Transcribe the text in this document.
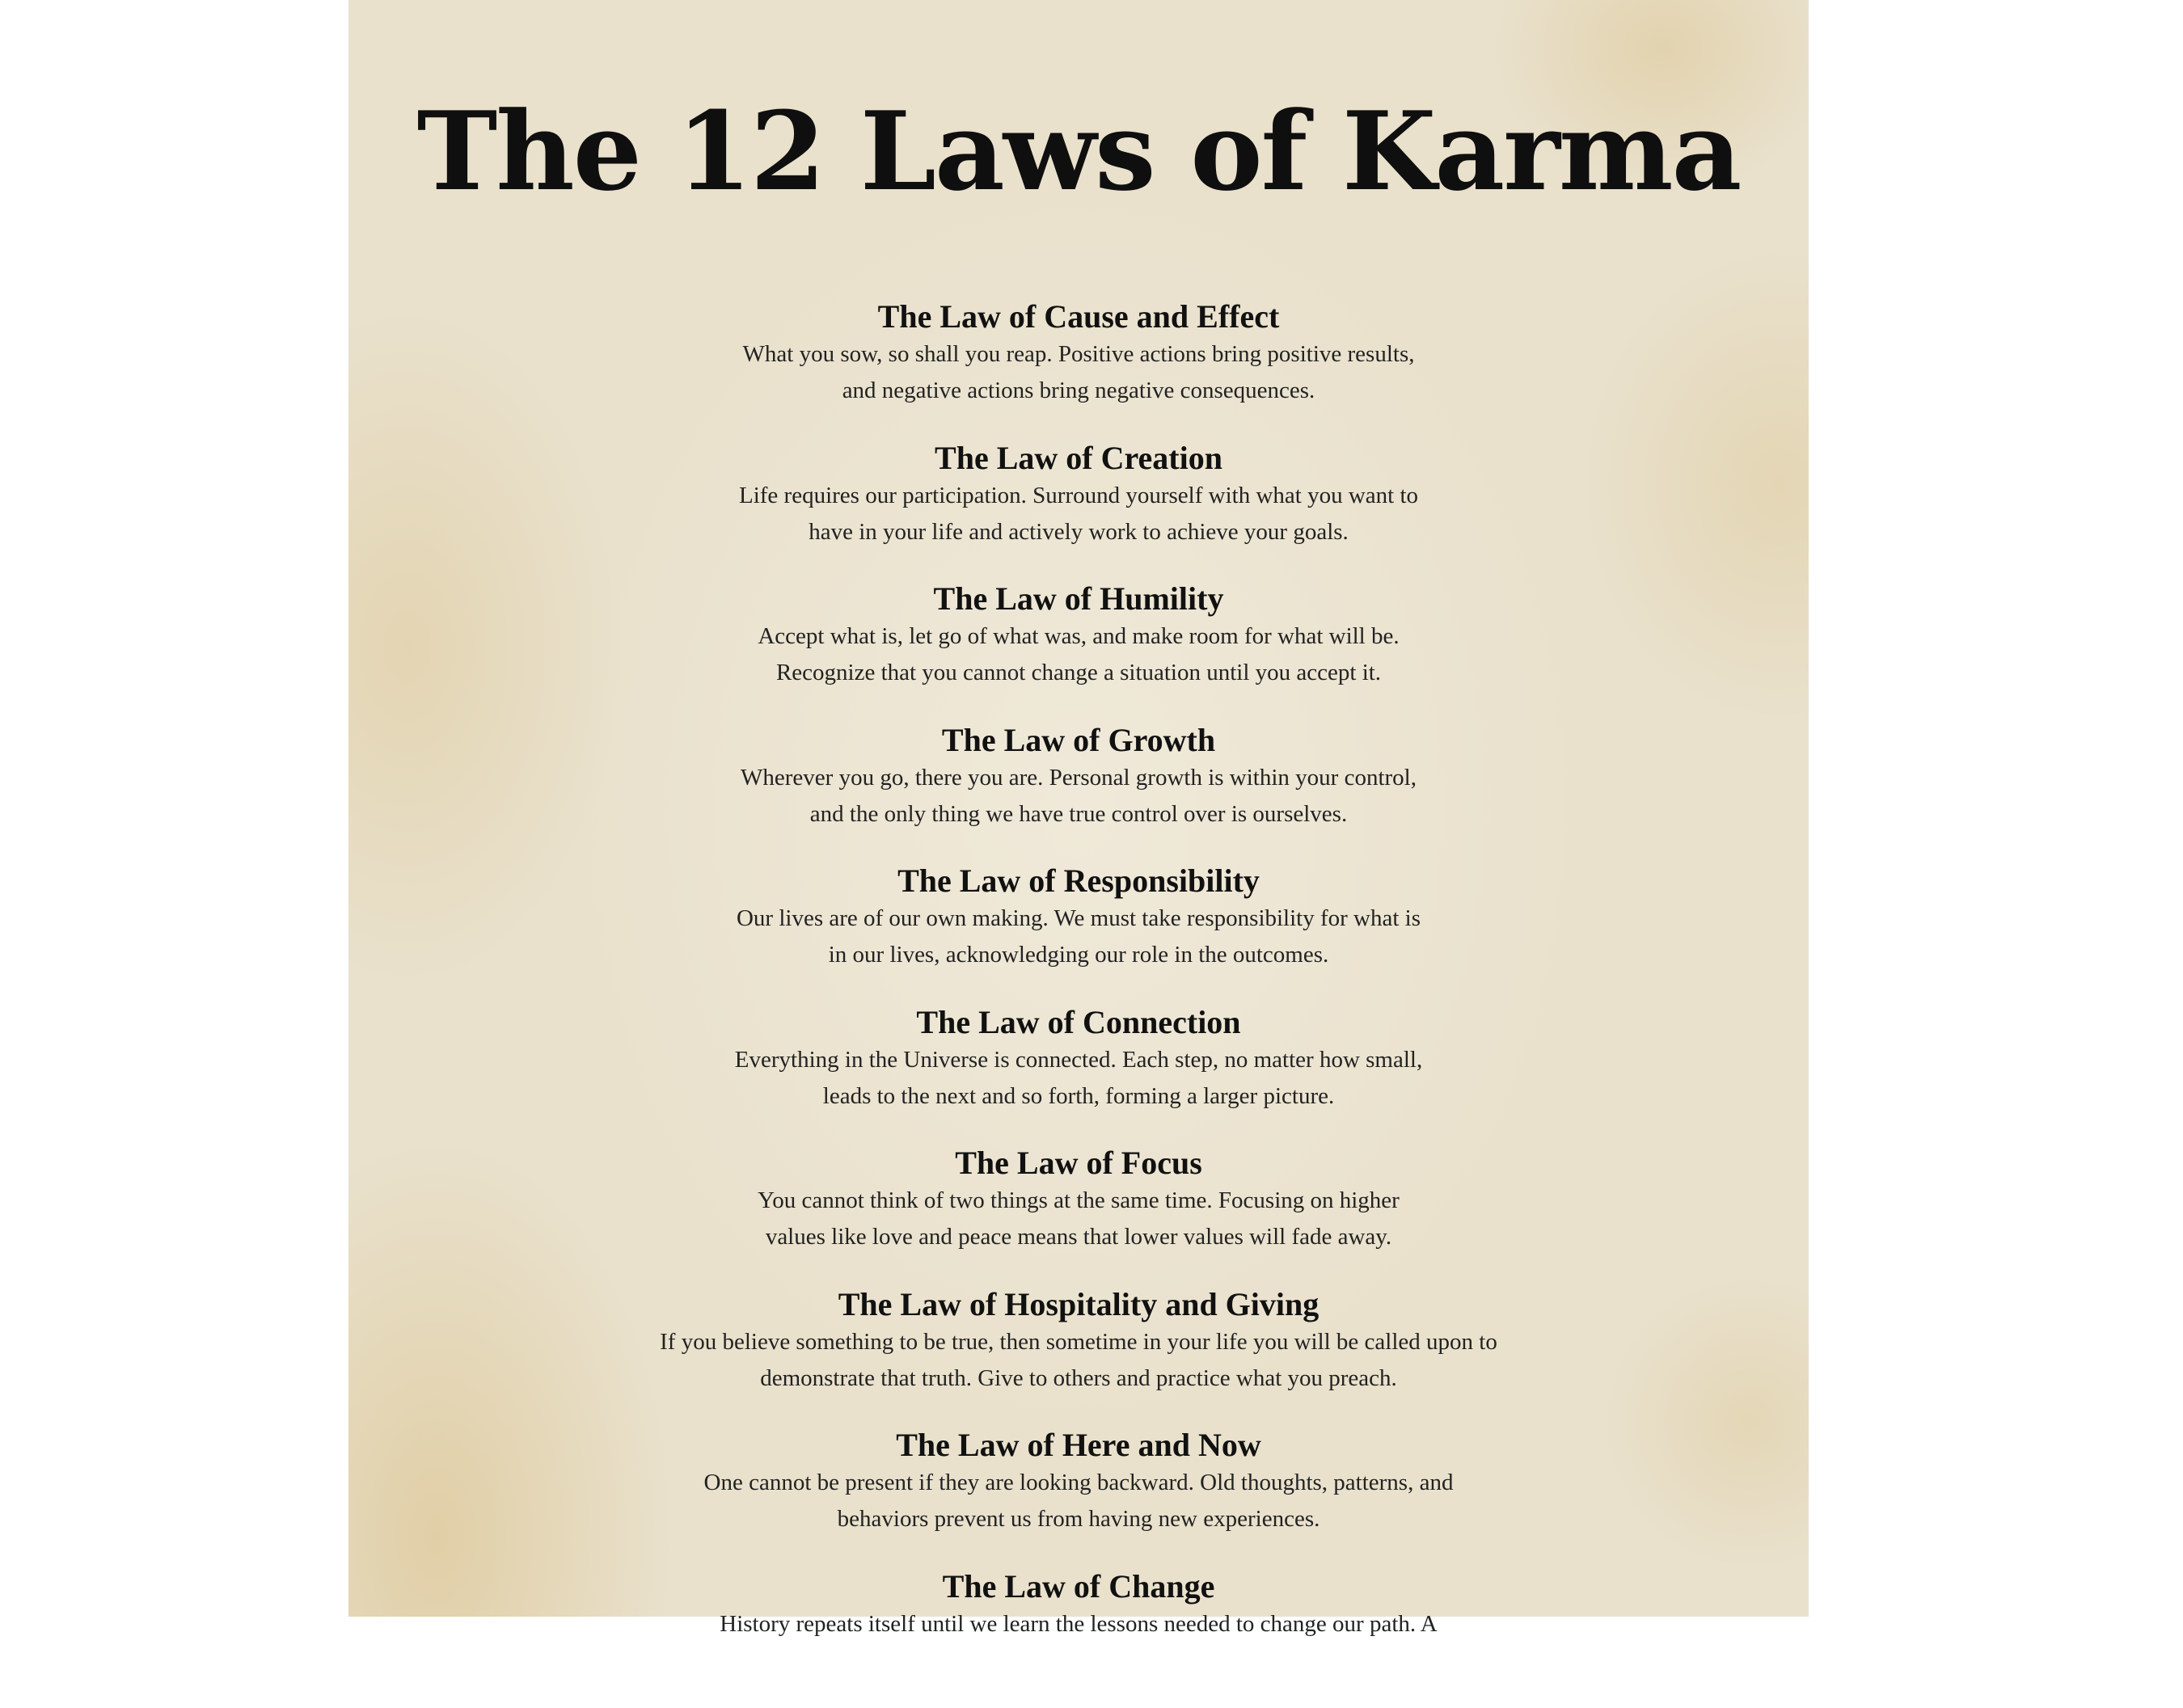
The 12 Laws of Karma
The Law of Cause and Effect
What you sow, so shall you reap. Positive actions bring positive results,
and negative actions bring negative consequences.
The Law of Creation
Life requires our participation. Surround yourself with what you want to
have in your life and actively work to achieve your goals.
The Law of Humility
Accept what is, let go of what was, and make room for what will be.
Recognize that you cannot change a situation until you accept it.
The Law of Growth
Wherever you go, there you are. Personal growth is within your control,
and the only thing we have true control over is ourselves.
The Law of Responsibility
Our lives are of our own making. We must take responsibility for what is
in our lives, acknowledging our role in the outcomes.
The Law of Connection
Everything in the Universe is connected. Each step, no matter how small,
leads to the next and so forth, forming a larger picture.
The Law of Focus
You cannot think of two things at the same time. Focusing on higher
values like love and peace means that lower values will fade away.
The Law of Hospitality and Giving
If you believe something to be true, then sometime in your life you will be called upon to
demonstrate that truth. Give to others and practice what you preach.
The Law of Here and Now
One cannot be present if they are looking backward. Old thoughts, patterns, and
behaviors prevent us from having new experiences.
The Law of Change
History repeats itself until we learn the lessons needed to change our path. A
